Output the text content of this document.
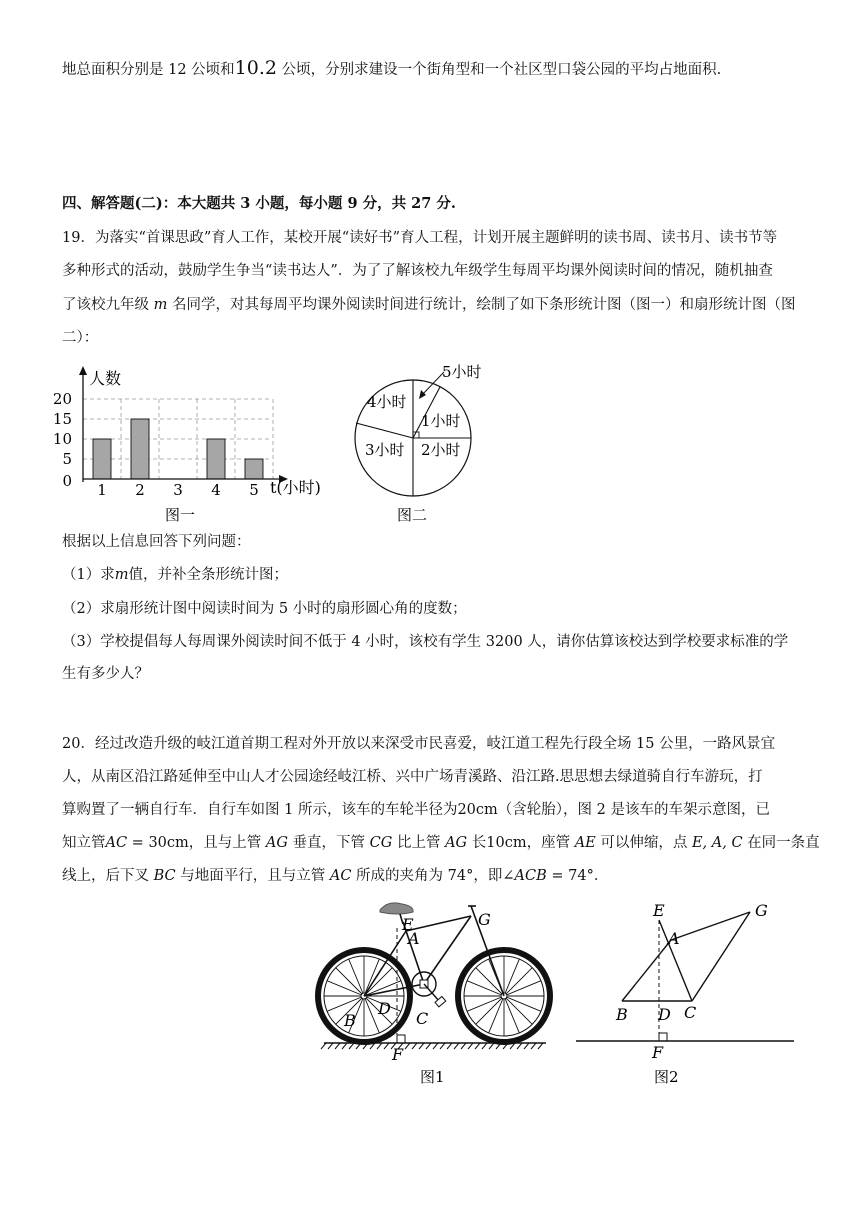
地总面积分别是 12 公顷和10.2 公顷，分别求建设一个街角型和一个社区型口袋公园的平均占地面积.
四、解答题(二)：本大题共 3 小题，每小题 9 分，共 27 分.
19．为落实“首课思政”育人工作，某校开展“读好书”育人工程，计划开展主题鲜明的读书周、读书月、读书节等
多种形式的活动，鼓励学生争当“读书达人”．为了了解该校九年级学生每周平均课外阅读时间的情况，随机抽查
了该校九年级 m 名同学，对其每周平均课外阅读时间进行统计，绘制了如下条形统计图（图一）和扇形统计图（图
二）：
0
5
10
15
20
1 2 3 4 5
人数
t(小时)
图一
5小时
4小时
1小时
3小时 2小时
图二
根据以上信息回答下列问题：
（1）求m值，并补全条形统计图；
（2）求扇形统计图中阅读时间为 5 小时的扇形圆心角的度数；
（3）学校提倡每人每周课外阅读时间不低于 4 小时，该校有学生 3200 人，请你估算该校达到学校要求标准的学
生有多少人？
20．经过改造升级的岐江道首期工程对外开放以来深受市民喜爱，岐江道工程先行段全场 15 公里，一路风景宜
人，从南区沿江路延伸至中山人才公园途经岐江桥、兴中广场青溪路、沿江路.思思想去绿道骑自行车游玩，打
算购置了一辆自行车．自行车如图 1 所示，该车的车轮半径为20cm（含轮胎），图 2 是该车的车架示意图，已
知立管AC = 30cm，且与上管 AG 垂直，下管 CG 比上管 AG 长10cm，座管 AE 可以伸缩，点 E, A, C 在同一条直
线上，后下叉 BC 与地面平行，且与立管 AC 所成的夹角为 74°，即∠ACB = 74°．
E
A
G
D
C
B
F
图1
E
A
G
B D C
F
图2
